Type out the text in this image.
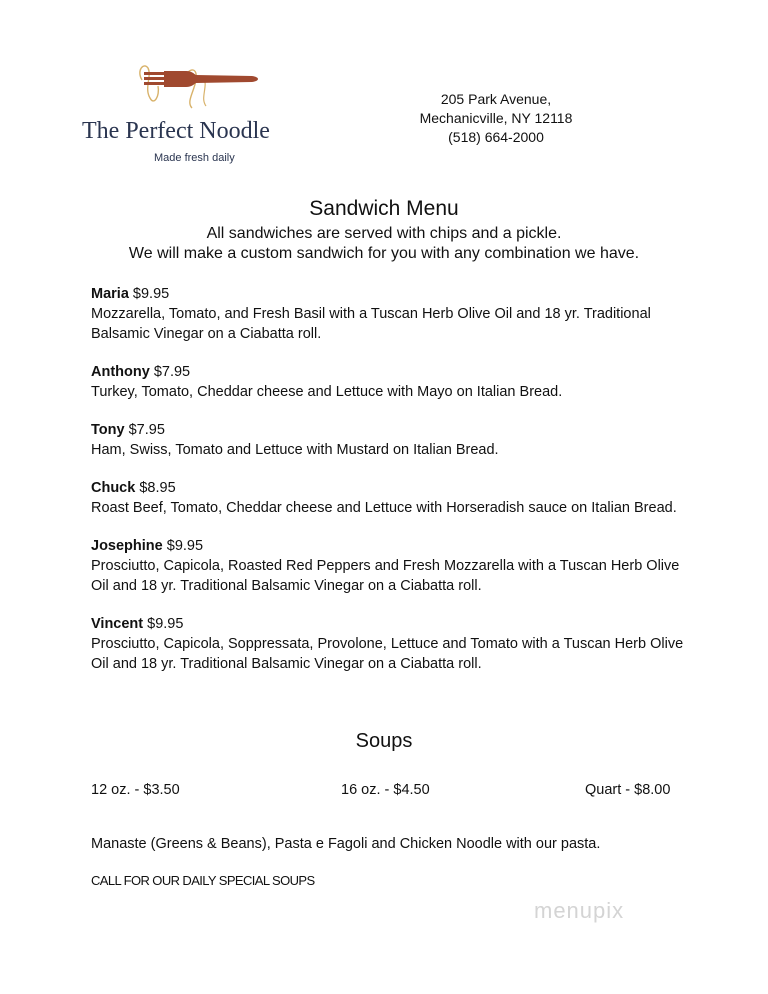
The Perfect Noodle
Made fresh daily
205 Park Avenue,
Mechanicville, NY 12118
(518) 664-2000
Sandwich Menu
All sandwiches are served with chips and a pickle.
We will make a custom sandwich for you with any combination we have.
Maria $9.95
Mozzarella, Tomato, and Fresh Basil with a Tuscan Herb Olive Oil and 18 yr. Traditional Balsamic Vinegar on a Ciabatta roll.
Anthony $7.95
Turkey, Tomato, Cheddar cheese and Lettuce with Mayo on Italian Bread.
Tony $7.95
Ham, Swiss, Tomato and Lettuce with Mustard on Italian Bread.
Chuck $8.95
Roast Beef, Tomato, Cheddar cheese and Lettuce with Horseradish sauce on Italian Bread.
Josephine $9.95
Prosciutto, Capicola, Roasted Red Peppers and Fresh Mozzarella with a Tuscan Herb Olive Oil and 18 yr. Traditional Balsamic Vinegar on a Ciabatta roll.
Vincent $9.95
Prosciutto, Capicola, Soppressata, Provolone, Lettuce and Tomato with a Tuscan Herb Olive Oil and 18 yr. Traditional Balsamic Vinegar on a Ciabatta roll.
Soups
12 oz. - $3.50	16 oz. - $4.50	Quart - $8.00
Manaste (Greens & Beans), Pasta e Fagoli and Chicken Noodle with our pasta.
CALL FOR OUR DAILY SPECIAL SOUPS
menupix
